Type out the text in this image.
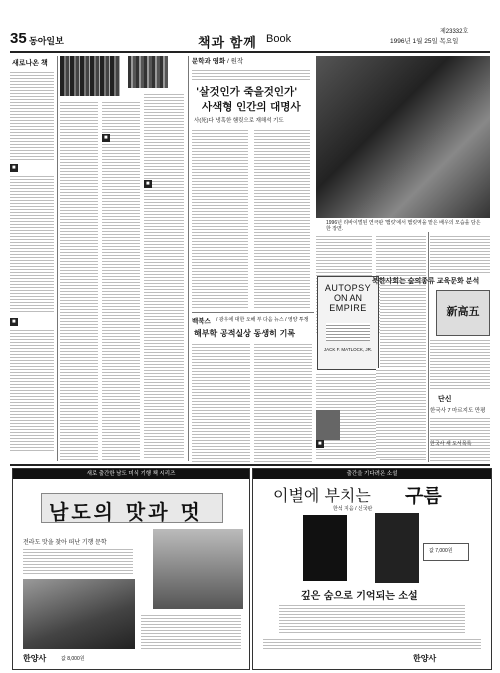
35 동아일보	책과 함께 Book
제23332호
1996년 1월 25일 목요일
새로나온 책
■
■
■
■
문학과 영화 / 원작
'살것인가 죽을것인가'
사색형 인간의 대명사
사(死)다 냉혹한 햄릿으로 재해석 기도
1996년 리바이벌된 연극판 '햄릿'에서 햄릿역을 맡은 배우의 모습을 담은 한 장면.
백북스 / 광우에 대한 오해 부 다음 뉴스 / 영양 투쟁
해부학 공적실상 동생히 기록
AUTOPSY
ON AN
EMPIRE
JACK F. MATLOCK, JR.
■
북한사회는 숲의종류 교육문화 분석
新高五
단신
한국사 7 마르지도 만평
한국사 새 도서목록
새로 출간한 남도 미식 기행 책 시리즈
남도의 맛과 멋
전라도 맛을 찾아 떠난 기행 문학
한양사	값 8,000원
출간을 기다려온 소설
이별에 부치는 구름
한석 지음 / 신국판
값 7,000원
깊은 숨으로 기억되는 소설
한양사
